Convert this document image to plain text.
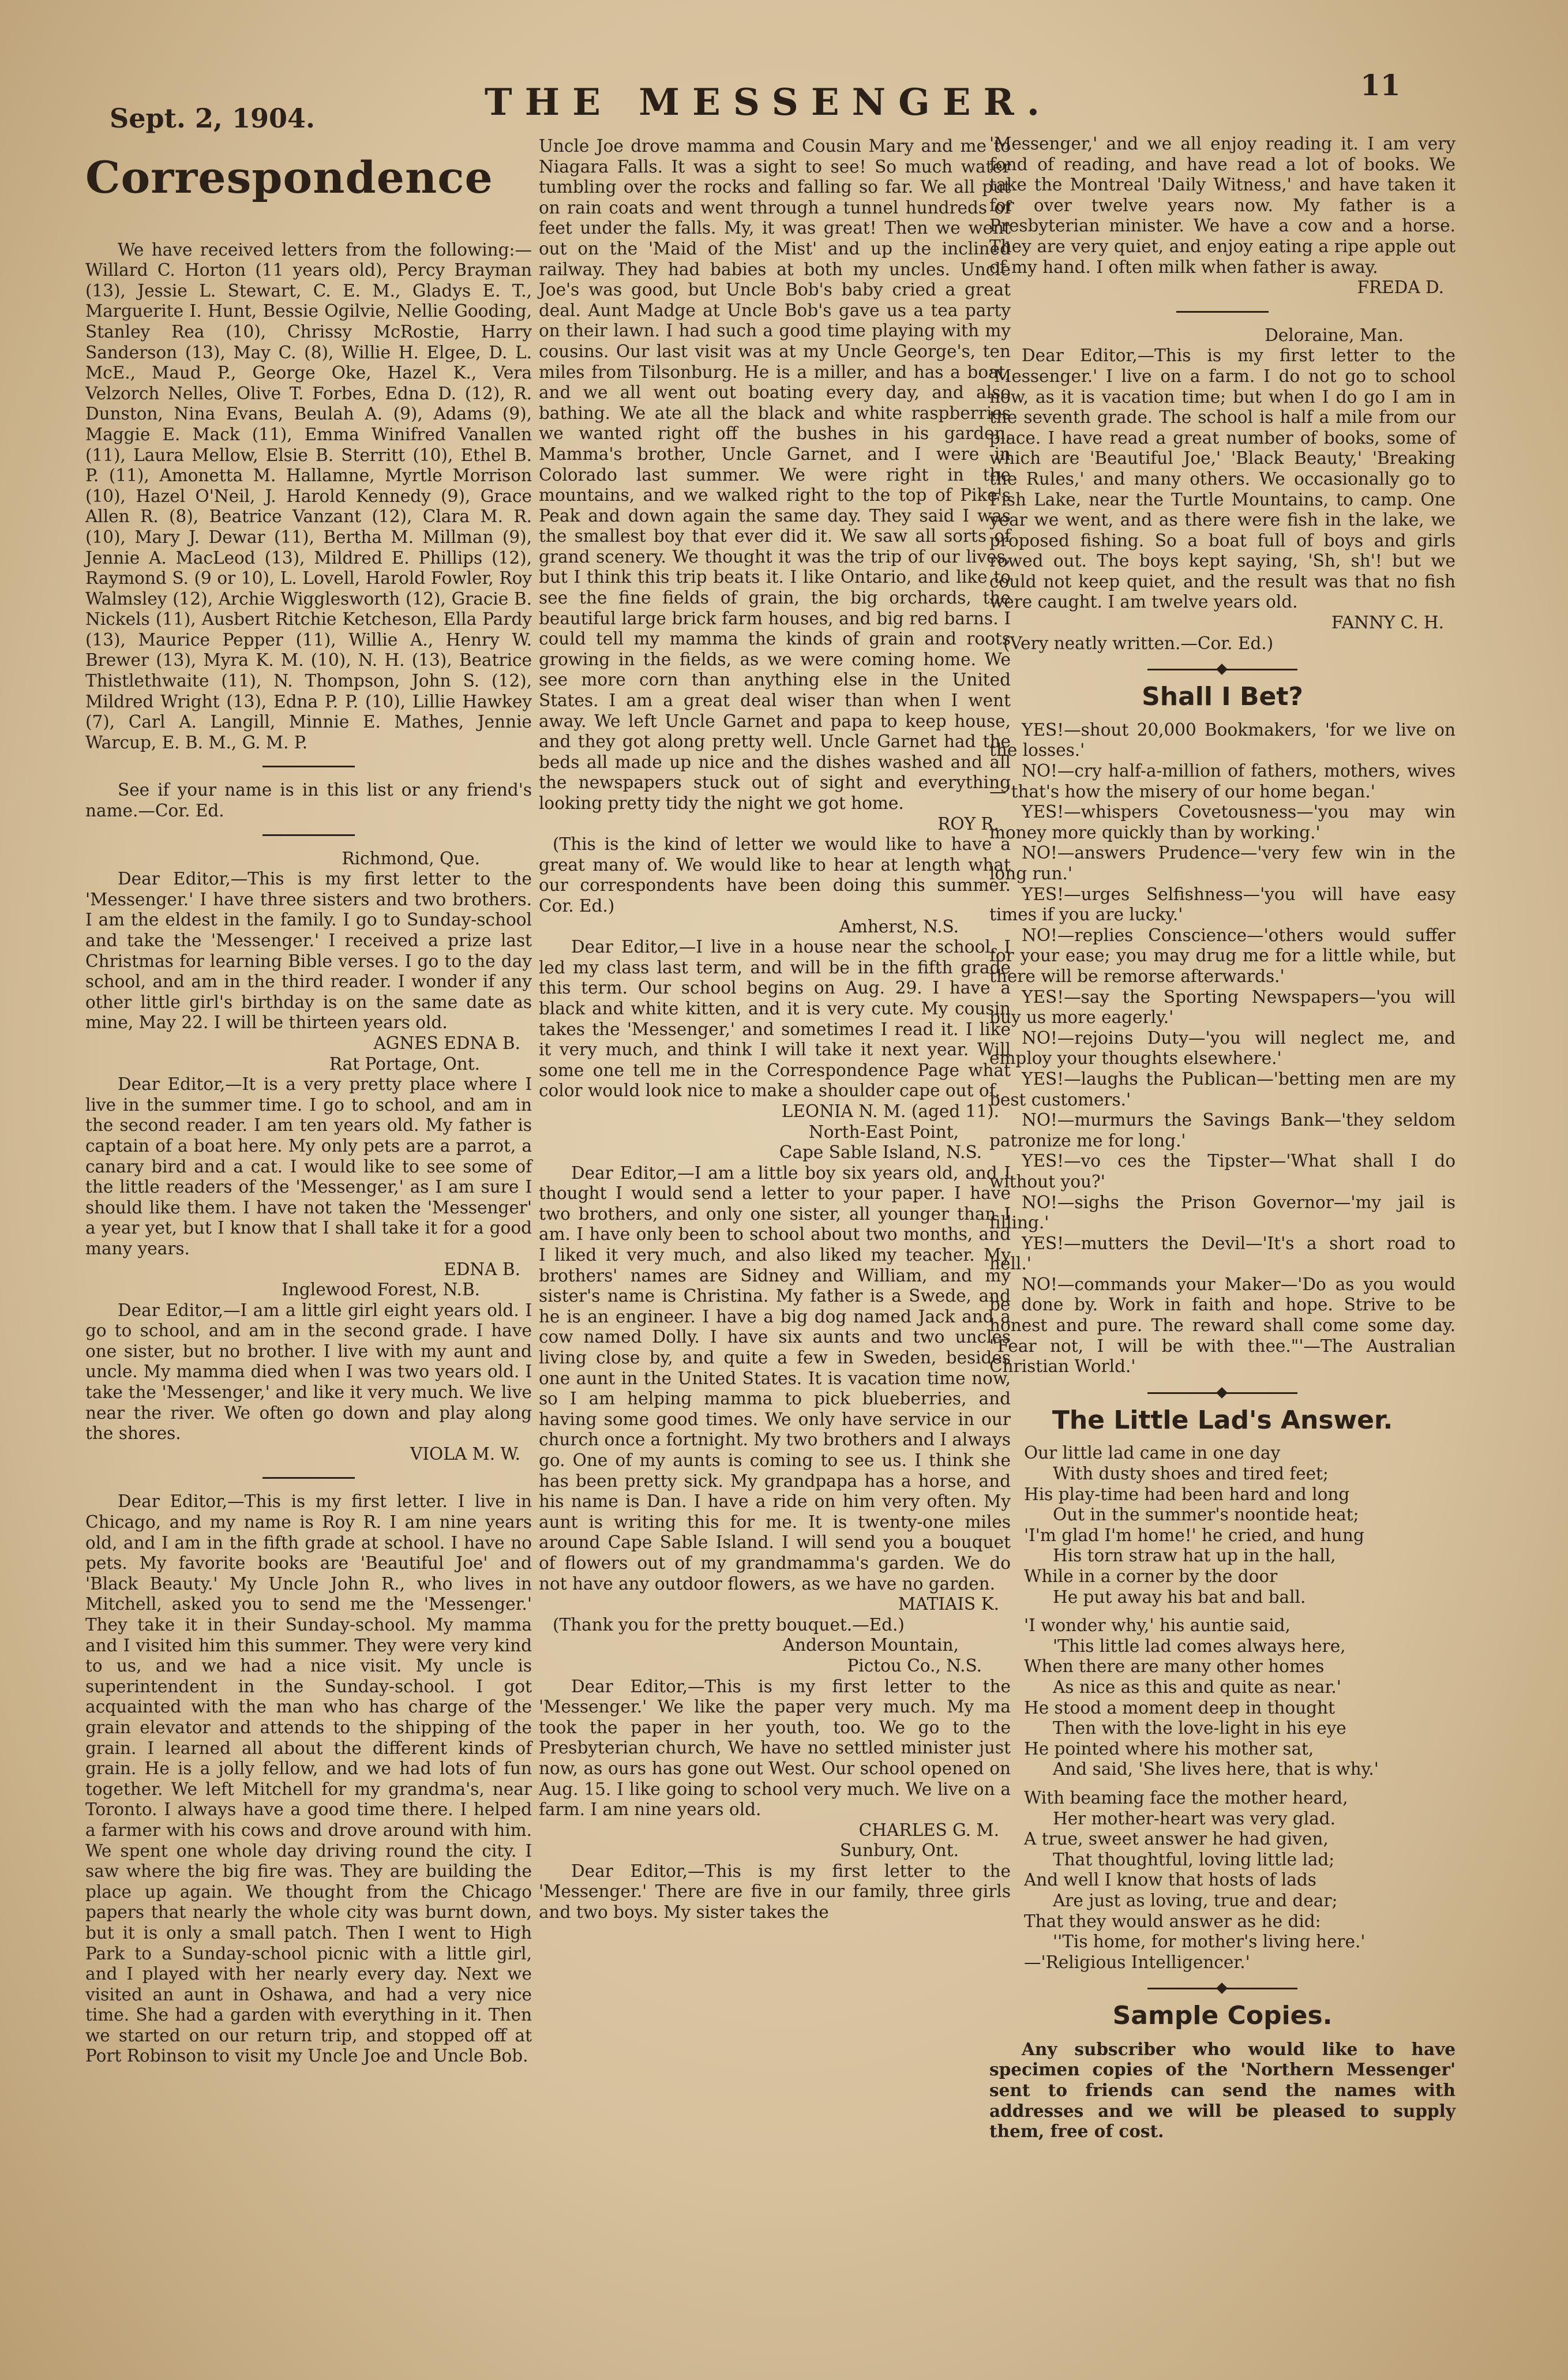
Sept. 2, 1904.	THE MESSENGER.	11
Correspondence

We have received letters from the following:—Willard C. Horton (11 years old), Percy Brayman (13), Jessie L. Stewart, C. E. M., Gladys E. T., Marguerite I. Hunt, Bessie Ogilvie, Nellie Gooding, Stanley Rea (10), Chrissy McRostie, Harry Sanderson (13), May C. (8), Willie H. Elgee, D. L. McE., Maud P., George Oke, Hazel K., Vera Velzorch Nelles, Olive T. Forbes, Edna D. (12), R. Dunston, Nina Evans, Beulah A. (9), Adams (9), Maggie E. Mack (11), Emma Winifred Vanallen (11), Laura Mellow, Elsie B. Sterritt (10), Ethel B. P. (11), Amonetta M. Hallamne, Myrtle Morrison (10), Hazel O'Neil, J. Harold Kennedy (9), Grace Allen R. (8), Beatrice Vanzant (12), Clara M. R. (10), Mary J. Dewar (11), Bertha M. Millman (9), Jennie A. MacLeod (13), Mildred E. Phillips (12), Raymond S. (9 or 10), L. Lovell, Harold Fowler, Roy Walmsley (12), Archie Wigglesworth (12), Gracie B. Nickels (11), Ausbert Ritchie Ketcheson, Ella Pardy (13), Maurice Pepper (11), Willie A., Henry W. Brewer (13), Myra K. M. (10), N. H. (13), Beatrice Thistlethwaite (11), N. Thompson, John S. (12), Mildred Wright (13), Edna P. P. (10), Lillie Hawkey (7), Carl A. Langill, Minnie E. Mathes, Jennie Warcup, E. B. M., G. M. P.

See if your name is in this list or any friend's name.—Cor. Ed.

Richmond, Que.

Dear Editor,—This is my first letter to the 'Messenger.' I have three sisters and two brothers. I am the eldest in the family. I go to Sunday-school and take the 'Messenger.' I received a prize last Christmas for learning Bible verses. I go to the day school, and am in the third reader. I wonder if any other little girl's birthday is on the same date as mine, May 22. I will be thirteen years old.

AGNES EDNA B.

Rat Portage, Ont.

Dear Editor,—It is a very pretty place where I live in the summer time. I go to school, and am in the second reader. I am ten years old. My father is captain of a boat here. My only pets are a parrot, a canary bird and a cat. I would like to see some of the little readers of the 'Messenger,' as I am sure I should like them. I have not taken the 'Messenger' a year yet, but I know that I shall take it for a good many years.

EDNA B.

Inglewood Forest, N.B.

Dear Editor,—I am a little girl eight years old. I go to school, and am in the second grade. I have one sister, but no brother. I live with my aunt and uncle. My mamma died when I was two years old. I take the 'Messenger,' and like it very much. We live near the river. We often go down and play along the shores.

VIOLA M. W.

Dear Editor,—This is my first letter. I live in Chicago, and my name is Roy R. I am nine years old, and I am in the fifth grade at school. I have no pets. My favorite books are 'Beautiful Joe' and 'Black Beauty.' My Uncle John R., who lives in Mitchell, asked you to send me the 'Messenger.' They take it in their Sunday-school. My mamma and I visited him this summer. They were very kind to us, and we had a nice visit. My uncle is superintendent in the Sunday-school. I got acquainted with the man who has charge of the grain elevator and attends to the shipping of the grain. I learned all about the different kinds of grain. He is a jolly fellow, and we had lots of fun together. We left Mitchell for my grandma's, near Toronto. I always have a good time there. I helped a farmer with his cows and drove around with him. We spent one whole day driving round the city. I saw where the big fire was. They are building the place up again. We thought from the Chicago papers that nearly the whole city was burnt down, but it is only a small patch. Then I went to High Park to a Sunday-school picnic with a little girl, and I played with her nearly every day. Next we visited an aunt in Oshawa, and had a very nice time. She had a garden with everything in it. Then we started on our return trip, and stopped off at Port Robinson to visit my Uncle Joe and Uncle Bob.

Uncle Joe drove mamma and Cousin Mary and me to Niagara Falls. It was a sight to see! So much water tumbling over the rocks and falling so far. We all put on rain coats and went through a tunnel hundreds of feet under the falls. My, it was great! Then we went out on the 'Maid of the Mist' and up the inclined railway. They had babies at both my uncles. Uncle Joe's was good, but Uncle Bob's baby cried a great deal. Aunt Madge at Uncle Bob's gave us a tea party on their lawn. I had such a good time playing with my cousins. Our last visit was at my Uncle George's, ten miles from Tilsonburg. He is a miller, and has a boat, and we all went out boating every day, and also bathing. We ate all the black and white raspberries we wanted right off the bushes in his garden. Mamma's brother, Uncle Garnet, and I were in Colorado last summer. We were right in the mountains, and we walked right to the top of Pike's Peak and down again the same day. They said I was the smallest boy that ever did it. We saw all sorts of grand scenery. We thought it was the trip of our lives, but I think this trip beats it. I like Ontario, and like to see the fine fields of grain, the big orchards, the beautiful large brick farm houses, and big red barns. I could tell my mamma the kinds of grain and roots growing in the fields, as we were coming home. We see more corn than anything else in the United States. I am a great deal wiser than when I went away. We left Uncle Garnet and papa to keep house, and they got along pretty well. Uncle Garnet had the beds all made up nice and the dishes washed and all the newspapers stuck out of sight and everything looking pretty tidy the night we got home.

ROY R.

(This is the kind of letter we would like to have a great many of. We would like to hear at length what our correspondents have been doing this summer. Cor. Ed.)

Amherst, N.S.

Dear Editor,—I live in a house near the school. I led my class last term, and will be in the fifth grade this term. Our school begins on Aug. 29. I have a black and white kitten, and it is very cute. My cousin takes the 'Messenger,' and sometimes I read it. I like it very much, and think I will take it next year. Will some one tell me in the Correspondence Page what color would look nice to make a shoulder cape out of.

LEONIA N. M. (aged 11).

North-East Point,

Cape Sable Island, N.S.

Dear Editor,—I am a little boy six years old, and I thought I would send a letter to your paper. I have two brothers, and only one sister, all younger than I am. I have only been to school about two months, and I liked it very much, and also liked my teacher. My brothers' names are Sidney and William, and my sister's name is Christina. My father is a Swede, and he is an engineer. I have a big dog named Jack and a cow named Dolly. I have six aunts and two uncles living close by, and quite a few in Sweden, besides one aunt in the United States. It is vacation time now, so I am helping mamma to pick blueberries, and having some good times. We only have service in our church once a fortnight. My two brothers and I always go. One of my aunts is coming to see us. I think she has been pretty sick. My grandpapa has a horse, and his name is Dan. I have a ride on him very often. My aunt is writing this for me. It is twenty-one miles around Cape Sable Island. I will send you a bouquet of flowers out of my grandmamma's garden. We do not have any outdoor flowers, as we have no garden.

MATIAIS K.

(Thank you for the pretty bouquet.—Ed.)

Anderson Mountain,

Pictou Co., N.S.

Dear Editor,—This is my first letter to the 'Messenger.' We like the paper very much. My ma took the paper in her youth, too. We go to the Presbyterian church, We have no settled minister just now, as ours has gone out West. Our school opened on Aug. 15. I like going to school very much. We live on a farm. I am nine years old.

CHARLES G. M.

Sunbury, Ont.

Dear Editor,—This is my first letter to the 'Messenger.' There are five in our family, three girls and two boys. My sister takes the

'Messenger,' and we all enjoy reading it. I am very fond of reading, and have read a lot of books. We take the Montreal 'Daily Witness,' and have taken it for over twelve years now. My father is a Presbyterian minister. We have a cow and a horse. They are very quiet, and enjoy eating a ripe apple out of my hand. I often milk when father is away.

FREDA D.

Deloraine, Man.

Dear Editor,—This is my first letter to the 'Messenger.' I live on a farm. I do not go to school now, as it is vacation time; but when I do go I am in the seventh grade. The school is half a mile from our place. I have read a great number of books, some of which are 'Beautiful Joe,' 'Black Beauty,' 'Breaking the Rules,' and many others. We occasionally go to Fish Lake, near the Turtle Mountains, to camp. One year we went, and as there were fish in the lake, we proposed fishing. So a boat full of boys and girls rowed out. The boys kept saying, 'Sh, sh'! but we could not keep quiet, and the result was that no fish were caught. I am twelve years old.

FANNY C. H.

(Very neatly written.—Cor. Ed.)

Shall I Bet?

YES!—shout 20,000 Bookmakers, 'for we live on the losses.'

NO!—cry half-a-million of fathers, mothers, wives—'that's how the misery of our home began.'

YES!—whispers Covetousness—'you may win money more quickly than by working.'

NO!—answers Prudence—'very few win in the long run.'

YES!—urges Selfishness—'you will have easy times if you are lucky.'

NO!—replies Conscience—'others would suffer for your ease; you may drug me for a little while, but there will be remorse afterwards.'

YES!—say the Sporting Newspapers—'you will buy us more eagerly.'

NO!—rejoins Duty—'you will neglect me, and employ your thoughts elsewhere.'

YES!—laughs the Publican—'betting men are my best customers.'

NO!—murmurs the Savings Bank—'they seldom patronize me for long.'

YES!—vo ces the Tipster—'What shall I do without you?'

NO!—sighs the Prison Governor—'my jail is filling.'

YES!—mutters the Devil—'It's a short road to hell.'

NO!—commands your Maker—'Do as you would be done by. Work in faith and hope. Strive to be honest and pure. The reward shall come some day. "Fear not, I will be with thee."'—The Australian Christian World.'

The Little Lad's Answer.
Our little lad came in one day
With dusty shoes and tired feet;
His play-time had been hard and long
Out in the summer's noontide heat;
'I'm glad I'm home!' he cried, and hung
His torn straw hat up in the hall,
While in a corner by the door
He put away his bat and ball.
'I wonder why,' his auntie said,
'This little lad comes always here,
When there are many other homes
As nice as this and quite as near.'
He stood a moment deep in thought
Then with the love-light in his eye
He pointed where his mother sat,
And said, 'She lives here, that is why.'
With beaming face the mother heard,
Her mother-heart was very glad.
A true, sweet answer he had given,
That thoughtful, loving little lad;
And well I know that hosts of lads
Are just as loving, true and dear;
That they would answer as he did:
''Tis home, for mother's living here.'
—'Religious Intelligencer.'
Sample Copies.

Any subscriber who would like to have specimen copies of the 'Northern Messenger' sent to friends can send the names with addresses and we will be pleased to supply them, free of cost.
